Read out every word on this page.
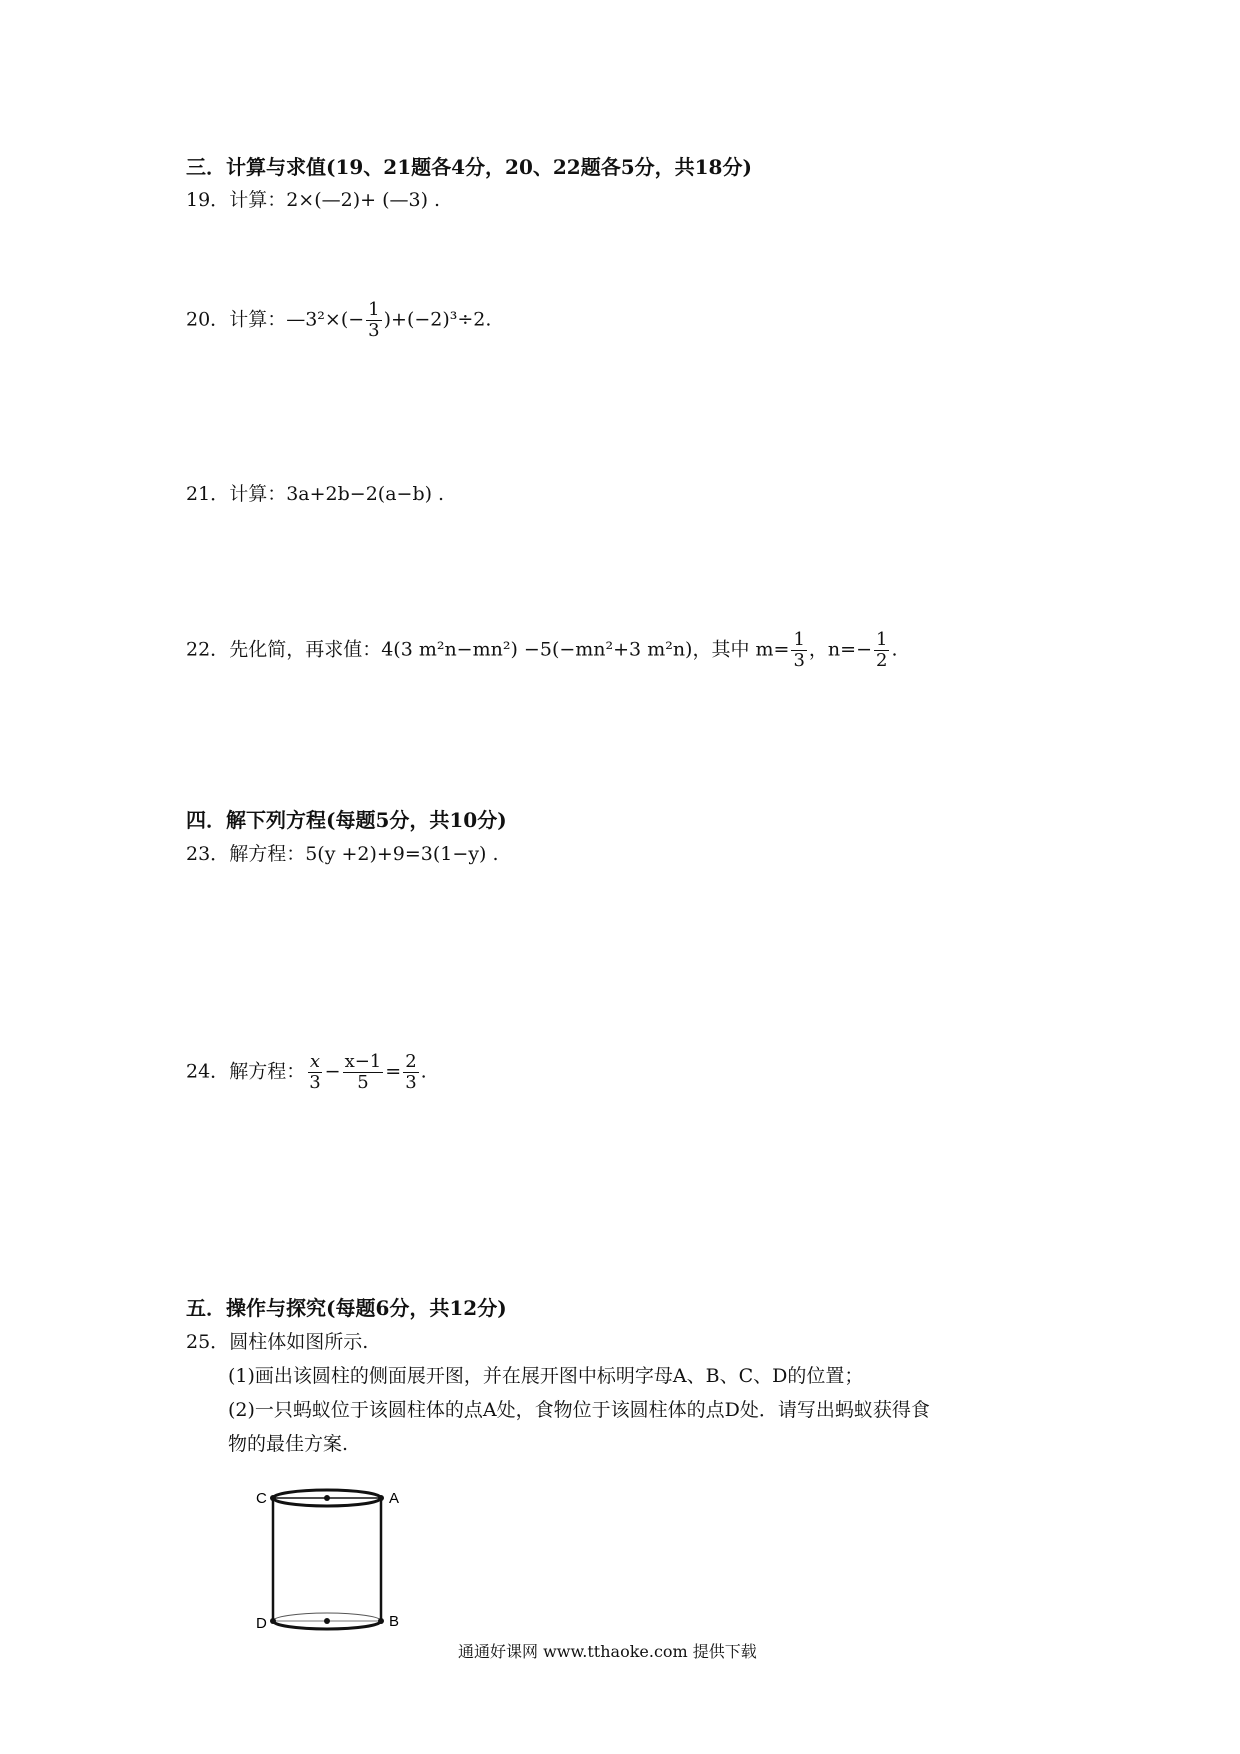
三．计算与求值(19、21题各4分，20、22题各5分，共18分)
19．计算：2×(—2)+ (—3) .
20．计算：—3²×(− $\frac{1}{3} )+(-2)^3\div 2$.
21．计算：3a+2b−2(a−b) .
22．先化简，再求值：4(3 m²n−mn²) −5(−mn²+3 m²n)，其中 $m= \frac{1}{3}$ ，$n=- \frac{1}{2}$ .
四．解下列方程(每题5分，共10分)
23．解方程：5(y +2)+9=3(1−y) .
24．解方程： $\frac{x}{3} - \frac{x-1}{5} = \frac{2}{3}$ .
五．操作与探究(每题6分，共12分)
25．圆柱体如图所示.
(1)画出该圆柱的侧面展开图，并在展开图中标明字母A、B、C、D的位置；
(2)一只蚂蚁位于该圆柱体的点A处，食物位于该圆柱体的点D处．请写出蚂蚁获得食
物的最佳方案.
C	A
D	B
通通好课网 www.tthaoke.com 提供下载
